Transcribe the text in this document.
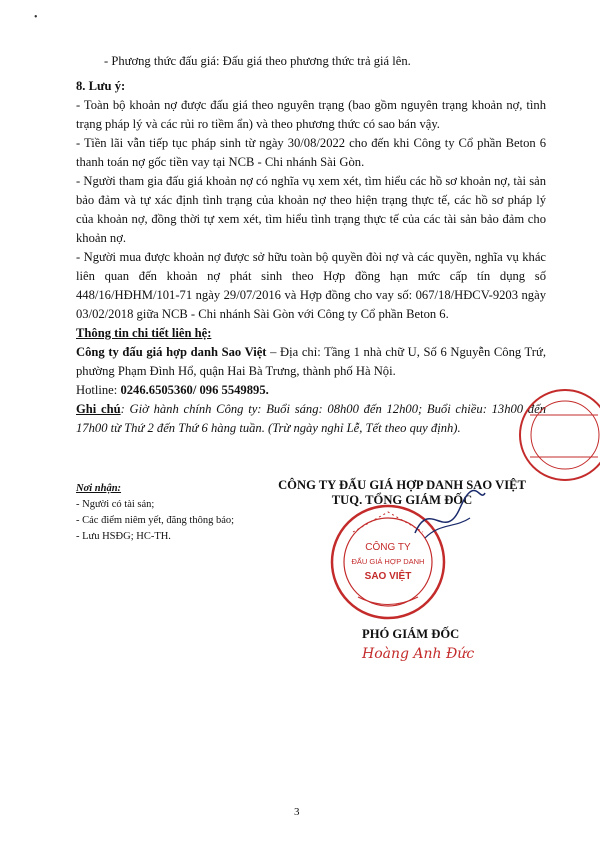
•

- Phương thức đấu giá: Đấu giá theo phương thức trả giá lên.

8. Lưu ý:

- Toàn bộ khoản nợ được đấu giá theo nguyên trạng (bao gồm nguyên trạng khoản nợ, tình trạng pháp lý và các rủi ro tiềm ẩn) và theo phương thức có sao bán vậy.

- Tiền lãi vẫn tiếp tục pháp sinh từ ngày 30/08/2022 cho đến khi Công ty Cổ phần Beton 6 thanh toán nợ gốc tiền vay tại NCB - Chi nhánh Sài Gòn.

- Người tham gia đấu giá khoản nợ có nghĩa vụ xem xét, tìm hiểu các hồ sơ khoản nợ, tài sản bảo đảm và tự xác định tình trạng của khoản nợ theo hiện trạng thực tế, các hồ sơ pháp lý của khoản nợ, đồng thời tự xem xét, tìm hiểu tình trạng thực tế của các tài sản bảo đảm cho khoản nợ.

- Người mua được khoản nợ được sở hữu toàn bộ quyền đòi nợ và các quyền, nghĩa vụ khác liên quan đến khoản nợ phát sinh theo Hợp đồng hạn mức cấp tín dụng số 448/16/HĐHM/101-71 ngày 29/07/2016 và Hợp đồng cho vay số: 067/18/HĐCV-9203 ngày 03/02/2018 giữa NCB - Chi nhánh Sài Gòn với Công ty Cổ phần Beton 6.

Thông tin chi tiết liên hệ:

Công ty đấu giá hợp danh Sao Việt – Địa chỉ: Tầng 1 nhà chữ U, Số 6 Nguyễn Công Trứ, phường Phạm Đình Hổ, quận Hai Bà Trưng, thành phố Hà Nội.

Hotline: 0246.6505360/ 096 5549895.

Ghi chú: Giờ hành chính Công ty: Buổi sáng: 08h00 đến 12h00; Buổi chiều: 13h00 đến 17h00 từ Thứ 2 đến Thứ 6 hàng tuần. (Trừ ngày nghỉ Lễ, Tết theo quy định).

Nơi nhận:
- Người có tài sản;
- Các điểm niêm yết, đăng thông báo;
- Lưu HSĐG; HC-TH.
CÔNG TY ĐẤU GIÁ HỢP DANH SAO VIỆT
TUQ. TỔNG GIÁM ĐỐC
CÔNG TY
ĐẤU GIÁ HỢP DANH
SAO VIỆT
PHÓ GIÁM ĐỐC
Hoàng Anh Đức
3
